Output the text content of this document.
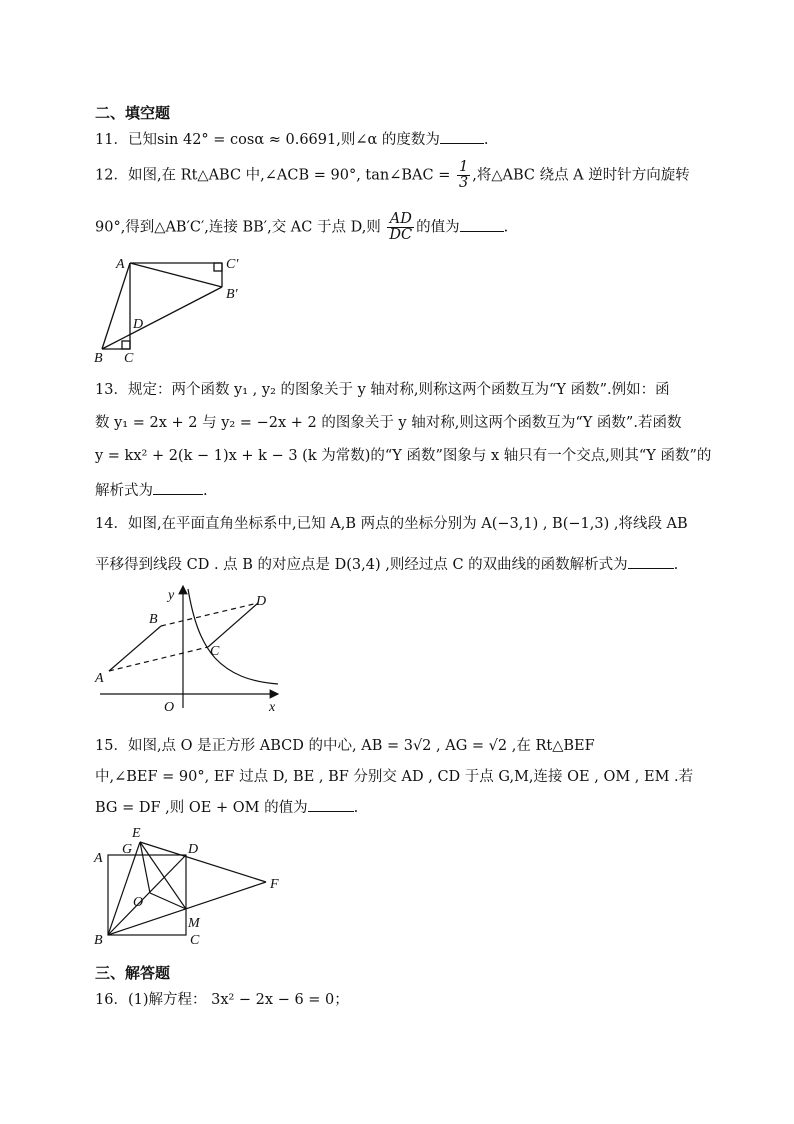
二、填空题
11．已知sin 42° = cosα ≈ 0.6691,则∠α 的度数为	.
12．如图,在 Rt△ABC 中,∠ACB = 90°, tan∠BAC = $\frac{1}{3}$ ,将△ABC 绕点 A 逆时针方向旋转
90°,得到△AB′C′,连接 BB′,交 AC 于点 D,则 $\frac{AD}{DC}$ 的值为	.
A	C′
B′
D
B C
13．规定：两个函数 y₁ , y₂ 的图象关于 y 轴对称,则称这两个函数互为“Y 函数”.例如：函
数 y₁ = 2x + 2 与 y₂ = −2x + 2 的图象关于 y 轴对称,则这两个函数互为“Y 函数”.若函数
y = kx² + 2(k − 1)x + k − 3 (k 为常数)的“Y 函数”图象与 x 轴只有一个交点,则其“Y 函数”的
解析式为	.
14．如图,在平面直角坐标系中,已知 A,B 两点的坐标分别为 A(−3,1) , B(−1,3) ,将线段 AB
平移得到线段 CD . 点 B 的对应点是 D(3,4) ,则经过点 C 的双曲线的函数解析式为	.
y
x
O
A
B
C
D
15．如图,点 O 是正方形 ABCD 的中心, AB = 3√2 , AG = √2 ,在 Rt△BEF
中,∠BEF = 90°, EF 过点 D, BE , BF 分别交 AD , CD 于点 G,M,连接 OE , OM , EM .若
BG = DF ,则 OE + OM 的值为	.
E
G	D
A
O
F
M
B	C
三、解答题
16．(1)解方程： 3x² − 2x − 6 = 0；
